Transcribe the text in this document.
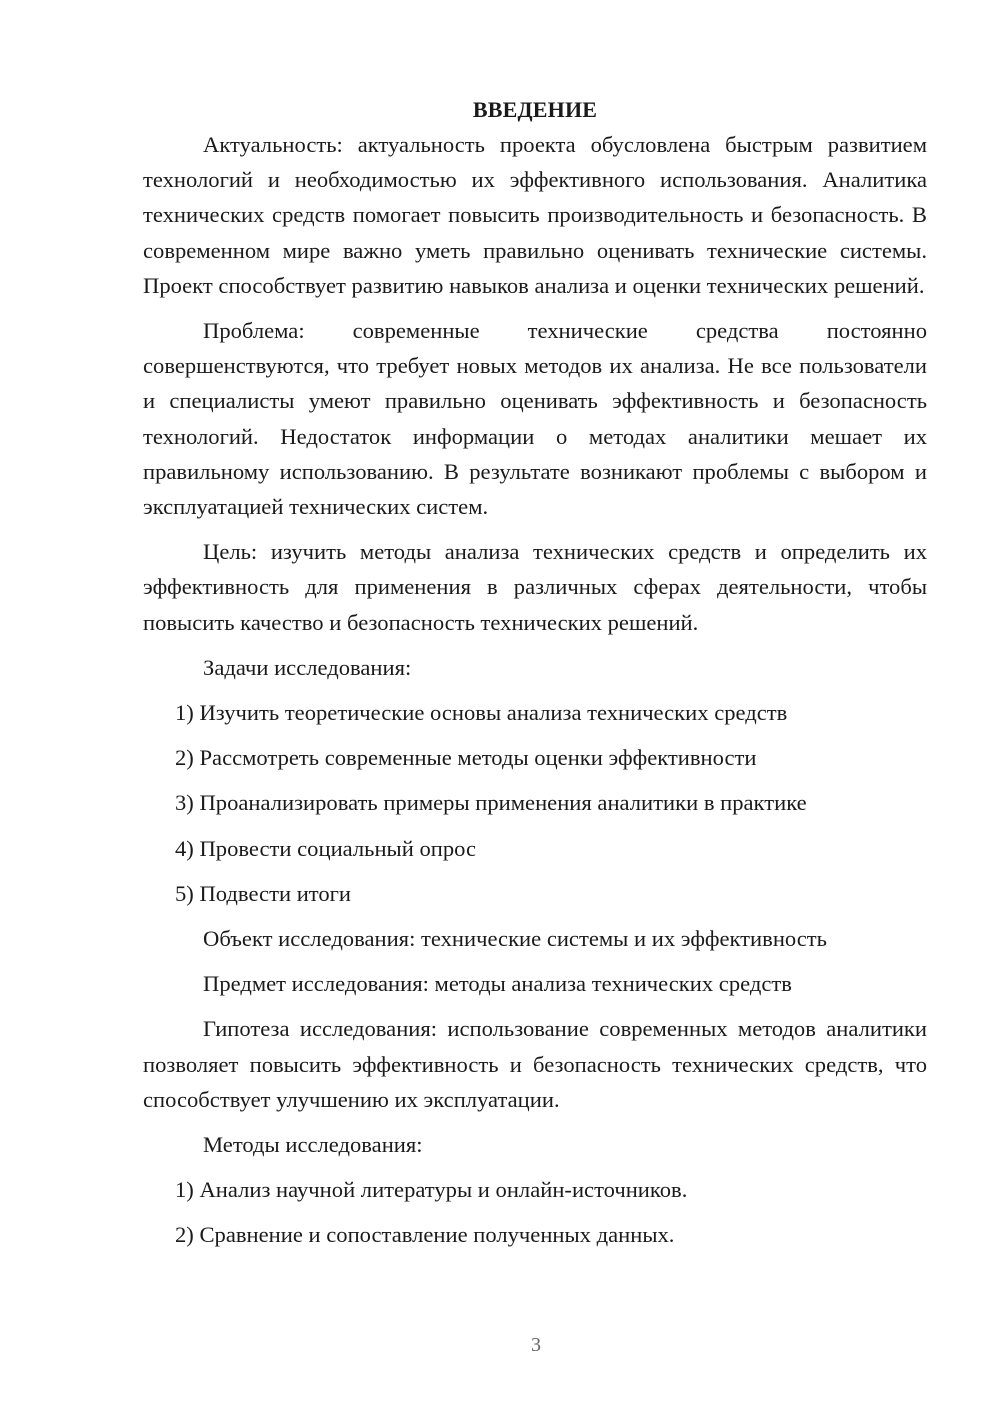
ВВЕДЕНИЕ

Актуальность: актуальность проекта обусловлена быстрым развитием технологий и необходимостью их эффективного использования. Аналитика технических средств помогает повысить производительность и безопасность. В современном мире важно уметь правильно оценивать технические системы. Проект способствует развитию навыков анализа и оценки технических решений.

Проблема: современные технические средства постоянно совершенствуются, что требует новых методов их анализа. Не все пользователи и специалисты умеют правильно оценивать эффективность и безопасность технологий. Недостаток информации о методах аналитики мешает их правильному использованию. В результате возникают проблемы с выбором и эксплуатацией технических систем.

Цель: изучить методы анализа технических средств и определить их эффективность для применения в различных сферах деятельности, чтобы повысить качество и безопасность технических решений.

Задачи исследования:

1) Изучить теоретические основы анализа технических средств
2) Рассмотреть современные методы оценки эффективности
3) Проанализировать примеры применения аналитики в практике
4) Провести социальный опрос
5) Подвести итоги

Объект исследования: технические системы и их эффективность

Предмет исследования: методы анализа технических средств

Гипотеза исследования: использование современных методов аналитики позволяет повысить эффективность и безопасность технических средств, что способствует улучшению их эксплуатации.

Методы исследования:

1) Анализ научной литературы и онлайн-источников.
2) Сравнение и сопоставление полученных данных.
3
